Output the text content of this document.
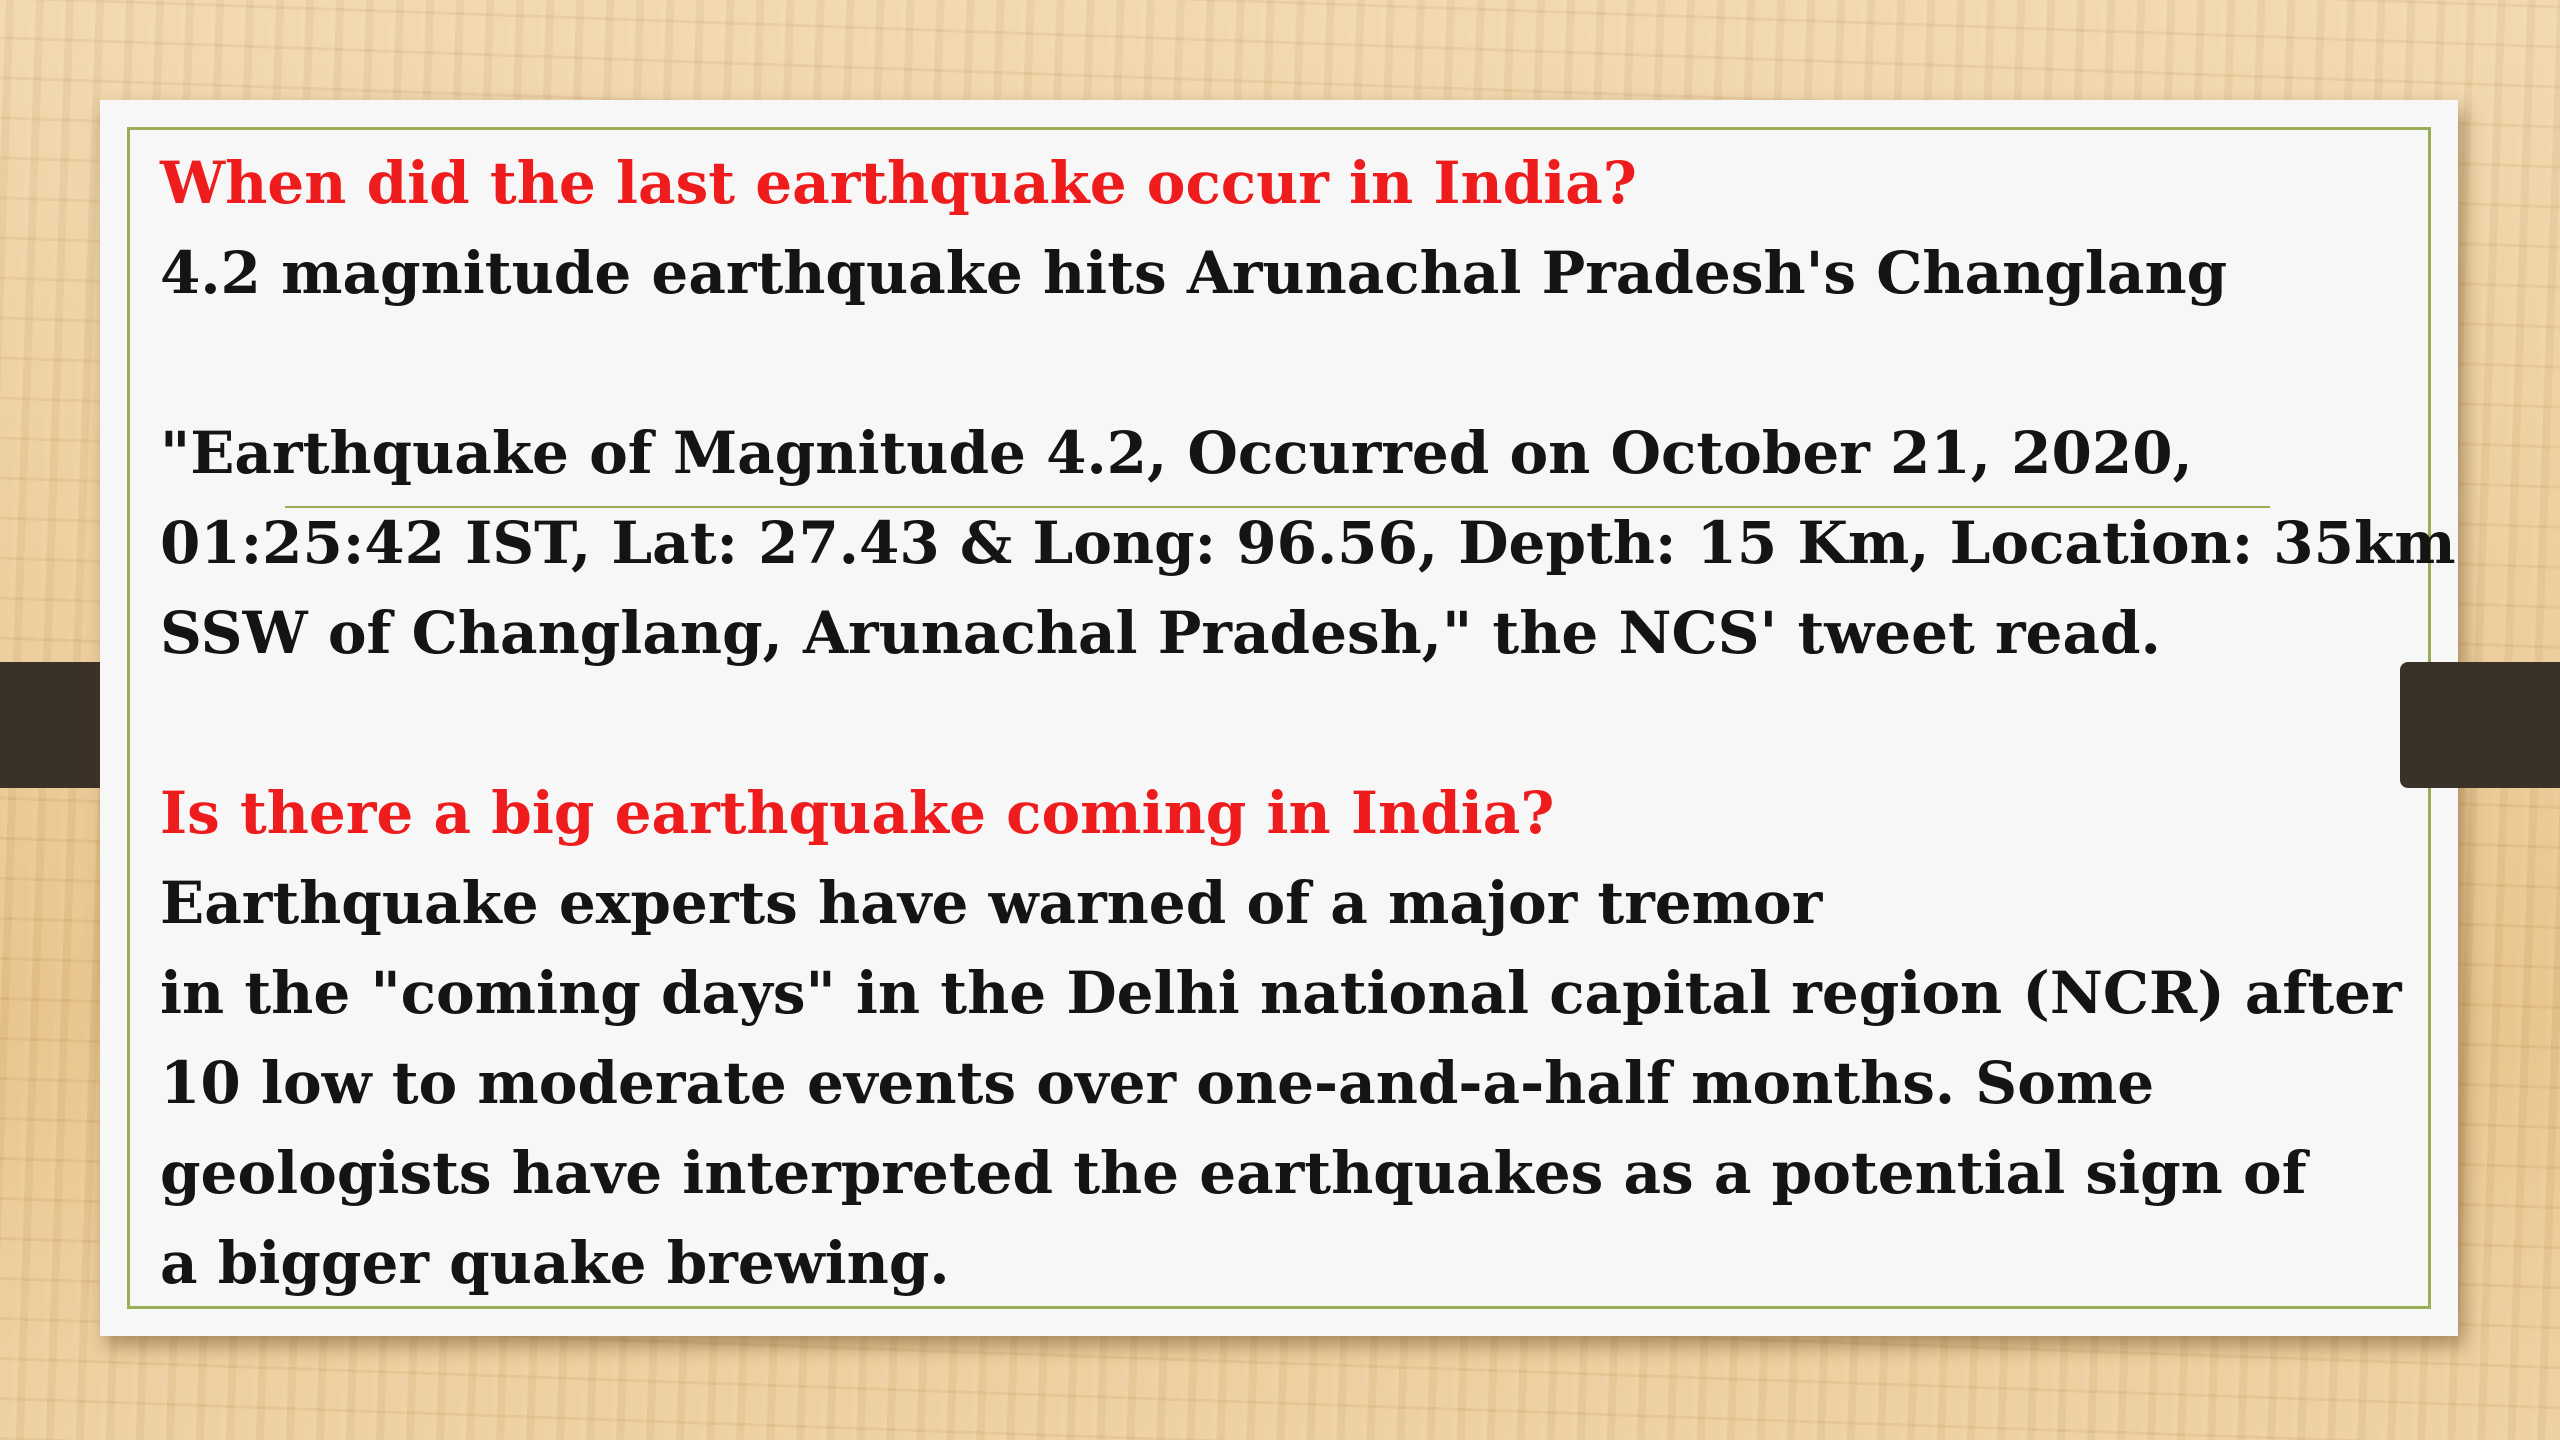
When did the last earthquake occur in India?
4.2 magnitude earthquake hits Arunachal Pradesh's Changlang
"Earthquake of Magnitude 4.2, Occurred on October 21, 2020,
01:25:42 IST, Lat: 27.43 & Long: 96.56, Depth: 15 Km, Location: 35km
SSW of Changlang, Arunachal Pradesh," the NCS' tweet read.
Is there a big earthquake coming in India?
Earthquake experts have warned of a major tremor
in the "coming days" in the Delhi national capital region (NCR) after
10 low to moderate events over one-and-a-half months. Some
geologists have interpreted the earthquakes as a potential sign of
a bigger quake brewing.
